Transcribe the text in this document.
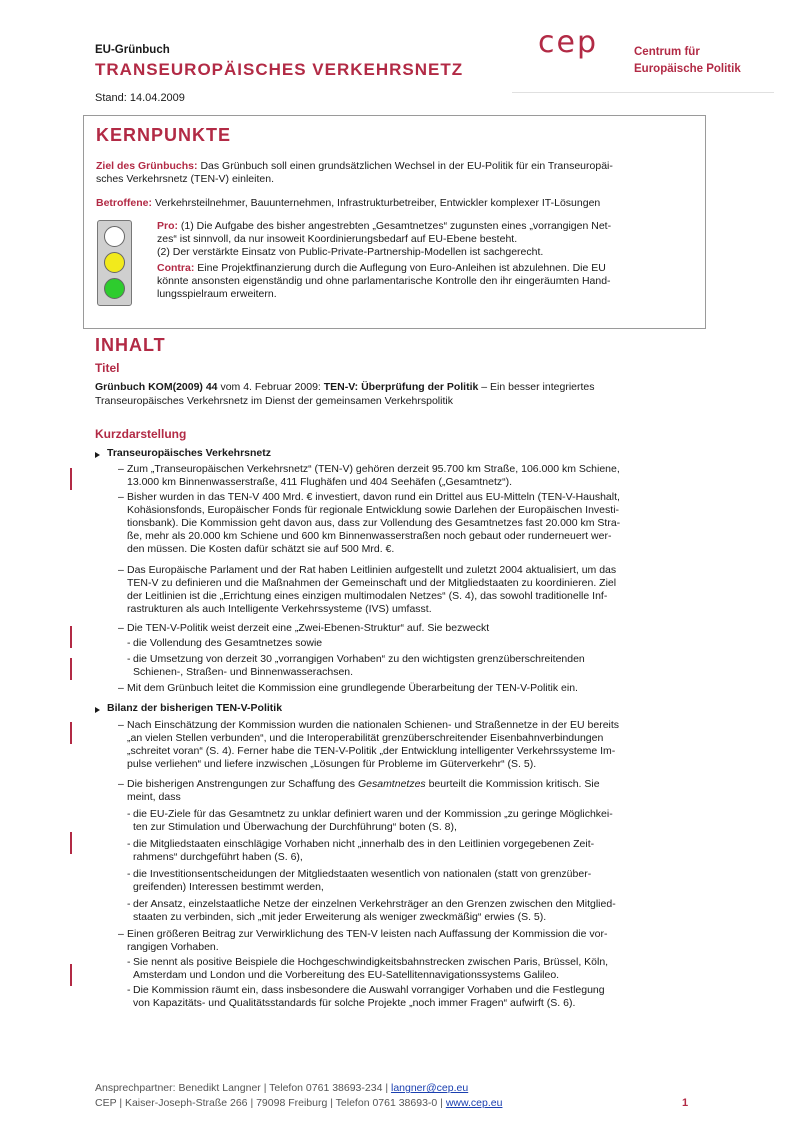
EU-Grünbuch
TRANSEUROPÄISCHES VERKEHRSNETZ
Stand: 14.04.2009
cep	Centrum für
Europäische Politik
KERNPUNKTE
Ziel des Grünbuchs: Das Grünbuch soll einen grundsätzlichen Wechsel in der EU-Politik für ein Transeuropäi-
sches Verkehrsnetz (TEN-V) einleiten.
Betroffene: Verkehrsteilnehmer, Bauunternehmen, Infrastrukturbetreiber, Entwickler komplexer IT-Lösungen
Pro: (1) Die Aufgabe des bisher angestrebten „Gesamtnetzes“ zugunsten eines „vorrangigen Net-
zes“ ist sinnvoll, da nur insoweit Koordinierungsbedarf auf EU-Ebene besteht.
(2) Der verstärkte Einsatz von Public-Private-Partnership-Modellen ist sachgerecht.
Contra: Eine Projektfinanzierung durch die Auflegung von Euro-Anleihen ist abzulehnen. Die EU
könnte ansonsten eigenständig und ohne parlamentarische Kontrolle den ihr eingeräumten Hand-
lungsspielraum erweitern.
INHALT
Titel
Grünbuch KOM(2009) 44 vom 4. Februar 2009: TEN-V: Überprüfung der Politik – Ein besser integriertes
Transeuropäisches Verkehrsnetz im Dienst der gemeinsamen Verkehrspolitik
Kurzdarstellung
Transeuropäisches Verkehrsnetz
– Zum „Transeuropäischen Verkehrsnetz“ (TEN-V) gehören derzeit 95.700 km Straße, 106.000 km Schiene,
13.000 km Binnenwasserstraße, 411 Flughäfen und 404 Seehäfen („Gesamtnetz“).
– Bisher wurden in das TEN-V 400 Mrd. € investiert, davon rund ein Drittel aus EU-Mitteln (TEN-V-Haushalt,
Kohäsionsfonds, Europäischer Fonds für regionale Entwicklung sowie Darlehen der Europäischen Investi-
tionsbank). Die Kommission geht davon aus, dass zur Vollendung des Gesamtnetzes fast 20.000 km Stra-
ße, mehr als 20.000 km Schiene und 600 km Binnenwasserstraßen noch gebaut oder runderneuert wer-
den müssen. Die Kosten dafür schätzt sie auf 500 Mrd. €.
– Das Europäische Parlament und der Rat haben Leitlinien aufgestellt und zuletzt 2004 aktualisiert, um das
TEN-V zu definieren und die Maßnahmen der Gemeinschaft und der Mitgliedstaaten zu koordinieren. Ziel
der Leitlinien ist die „Errichtung eines einzigen multimodalen Netzes“ (S. 4), das sowohl traditionelle Inf-
rastrukturen als auch Intelligente Verkehrssysteme (IVS) umfasst.
– Die TEN-V-Politik weist derzeit eine „Zwei-Ebenen-Struktur“ auf. Sie bezweckt
- die Vollendung des Gesamtnetzes sowie
- die Umsetzung von derzeit 30 „vorrangigen Vorhaben“ zu den wichtigsten grenzüberschreitenden
Schienen-, Straßen- und Binnenwasserachsen.
– Mit dem Grünbuch leitet die Kommission eine grundlegende Überarbeitung der TEN-V-Politik ein.
Bilanz der bisherigen TEN-V-Politik
– Nach Einschätzung der Kommission wurden die nationalen Schienen- und Straßennetze in der EU bereits
„an vielen Stellen verbunden“, und die Interoperabilität grenzüberschreitender Eisenbahnverbindungen
„schreitet voran“ (S. 4). Ferner habe die TEN-V-Politik „der Entwicklung intelligenter Verkehrssysteme Im-
pulse verliehen“ und liefere inzwischen „Lösungen für Probleme im Güterverkehr“ (S. 5).
– Die bisherigen Anstrengungen zur Schaffung des Gesamtnetzes beurteilt die Kommission kritisch. Sie
meint, dass
- die EU-Ziele für das Gesamtnetz zu unklar definiert waren und der Kommission „zu geringe Möglichkei-
ten zur Stimulation und Überwachung der Durchführung“ boten (S. 8),
- die Mitgliedstaaten einschlägige Vorhaben nicht „innerhalb des in den Leitlinien vorgegebenen Zeit-
rahmens“ durchgeführt haben (S. 6),
- die Investitionsentscheidungen der Mitgliedstaaten wesentlich von nationalen (statt von grenzüber-
greifenden) Interessen bestimmt werden,
- der Ansatz, einzelstaatliche Netze der einzelnen Verkehrsträger an den Grenzen zwischen den Mitglied-
staaten zu verbinden, sich „mit jeder Erweiterung als weniger zweckmäßig“ erwies (S. 5).
– Einen größeren Beitrag zur Verwirklichung des TEN-V leisten nach Auffassung der Kommission die vor-
rangigen Vorhaben.
- Sie nennt als positive Beispiele die Hochgeschwindigkeitsbahnstrecken zwischen Paris, Brüssel, Köln,
Amsterdam und London und die Vorbereitung des EU-Satellitennavigationssystems Galileo.
- Die Kommission räumt ein, dass insbesondere die Auswahl vorrangiger Vorhaben und die Festlegung
von Kapazitäts- und Qualitätsstandards für solche Projekte „noch immer Fragen“ aufwirft (S. 6).
Ansprechpartner: Benedikt Langner | Telefon 0761 38693-234 | langner@cep.eu
CEP | Kaiser-Joseph-Straße 266 | 79098 Freiburg | Telefon 0761 38693-0 | www.cep.eu	1
